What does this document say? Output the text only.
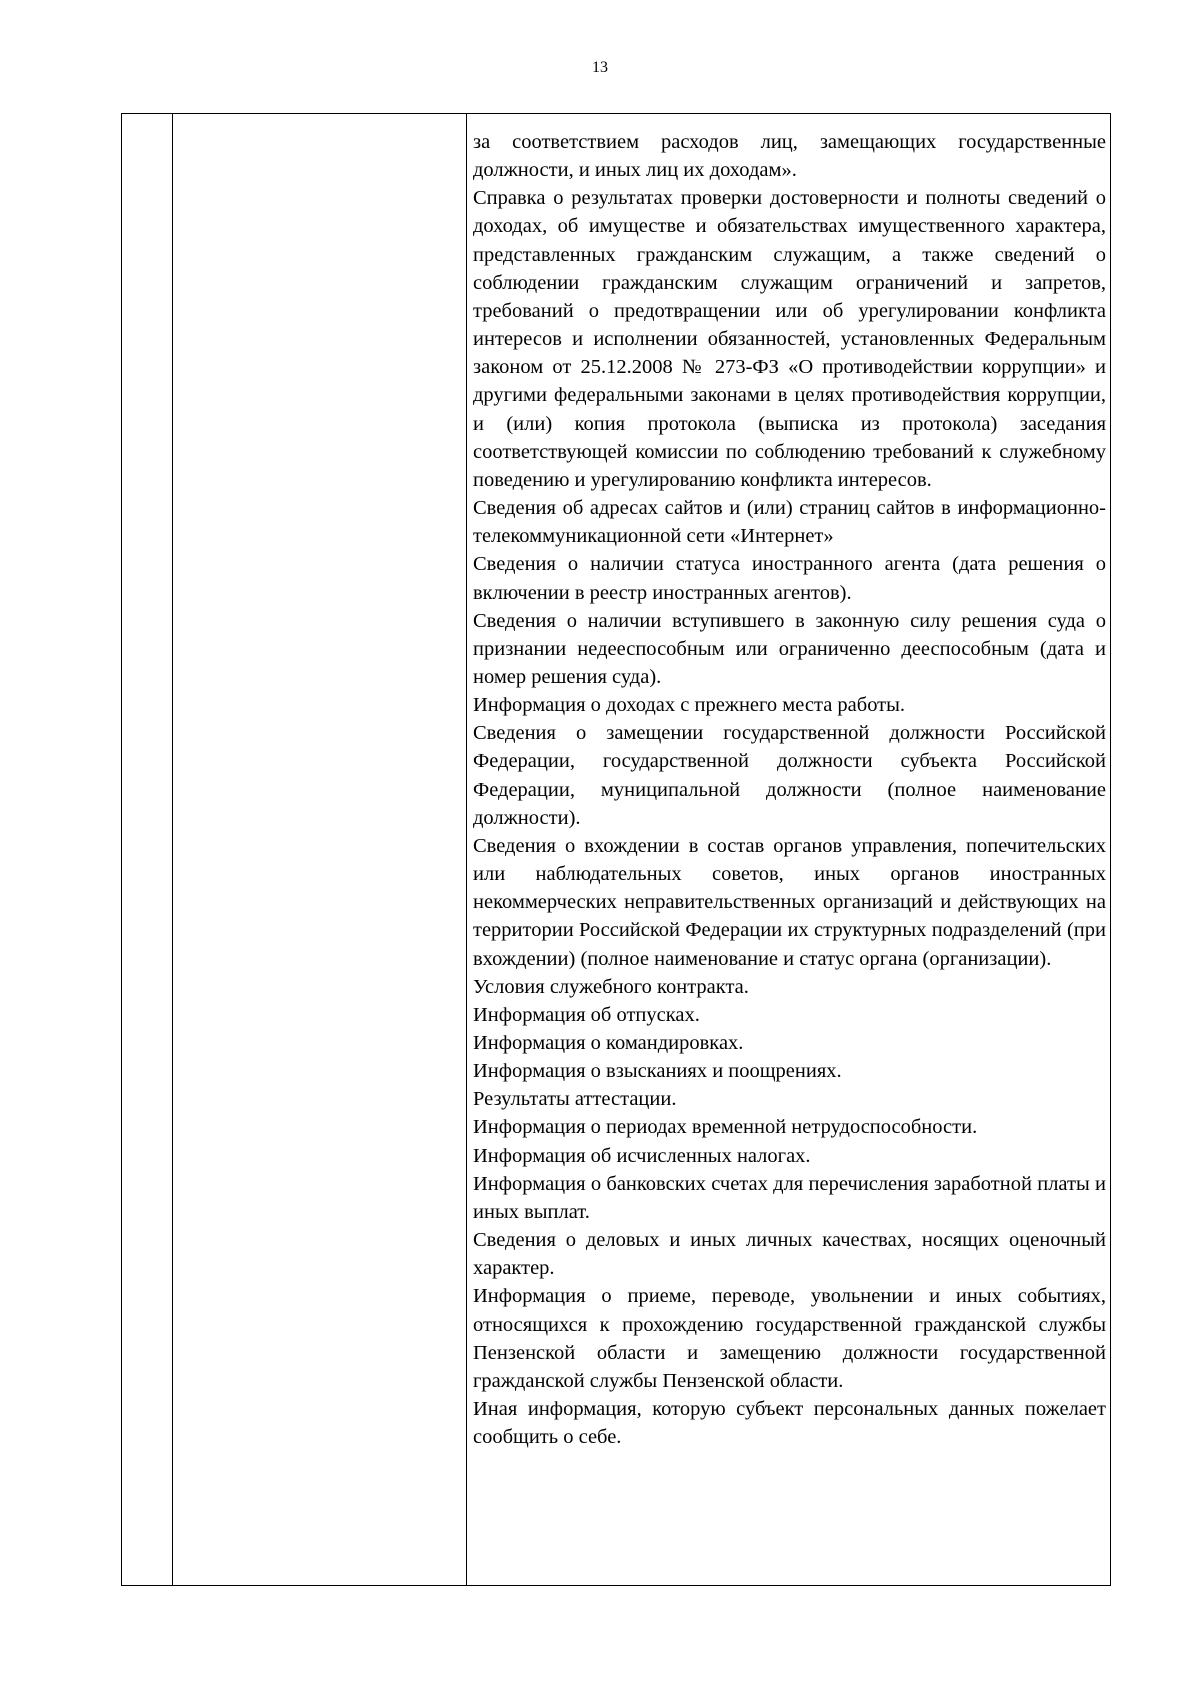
13

за соответствием расходов лиц, замещающих государственные должности, и иных лиц их доходам».

Справка о результатах проверки достоверности и полноты сведений о доходах, об имуществе и обязательствах имущественного характера, представленных гражданским служащим, а также сведений о соблюдении гражданским служащим ограничений и запретов, требований о предотвращении или об урегулировании конфликта интересов и исполнении обязанностей, установленных Федеральным законом от 25.12.2008 № 273-ФЗ «О противодействии коррупции» и другими федеральными законами в целях противодействия коррупции, и (или) копия протокола (выписка из протокола) заседания соответствующей комиссии по соблюдению требований к служебному поведению и урегулированию конфликта интересов.

Сведения об адресах сайтов и (или) страниц сайтов в информационно-телекоммуникационной сети «Интернет»

Сведения о наличии статуса иностранного агента (дата решения о включении в реестр иностранных агентов).

Сведения о наличии вступившего в законную силу решения суда о признании недееспособным или ограниченно дееспособным (дата и номер решения суда).

Информация о доходах с прежнего места работы.

Сведения о замещении государственной должности Российской Федерации, государственной должности субъекта Российской Федерации, муниципальной должности (полное наименование должности).

Сведения о вхождении в состав органов управления, попечительских или наблюдательных советов, иных органов иностранных некоммерческих неправительственных организаций и действующих на территории Российской Федерации их структурных подразделений (при вхождении) (полное наименование и статус органа (организации).

Условия служебного контракта.

Информация об отпусках.

Информация о командировках.

Информация о взысканиях и поощрениях.

Результаты аттестации.

Информация о периодах временной нетрудоспособности.

Информация об исчисленных налогах.

Информация о банковских счетах для перечисления заработной платы и иных выплат.

Сведения о деловых и иных личных качествах, носящих оценочный характер.

Информация о приеме, переводе, увольнении и иных событиях, относящихся к прохождению государственной гражданской службы Пензенской области и замещению должности государственной гражданской службы Пензенской области.

Иная информация, которую субъект персональных данных пожелает сообщить о себе.
